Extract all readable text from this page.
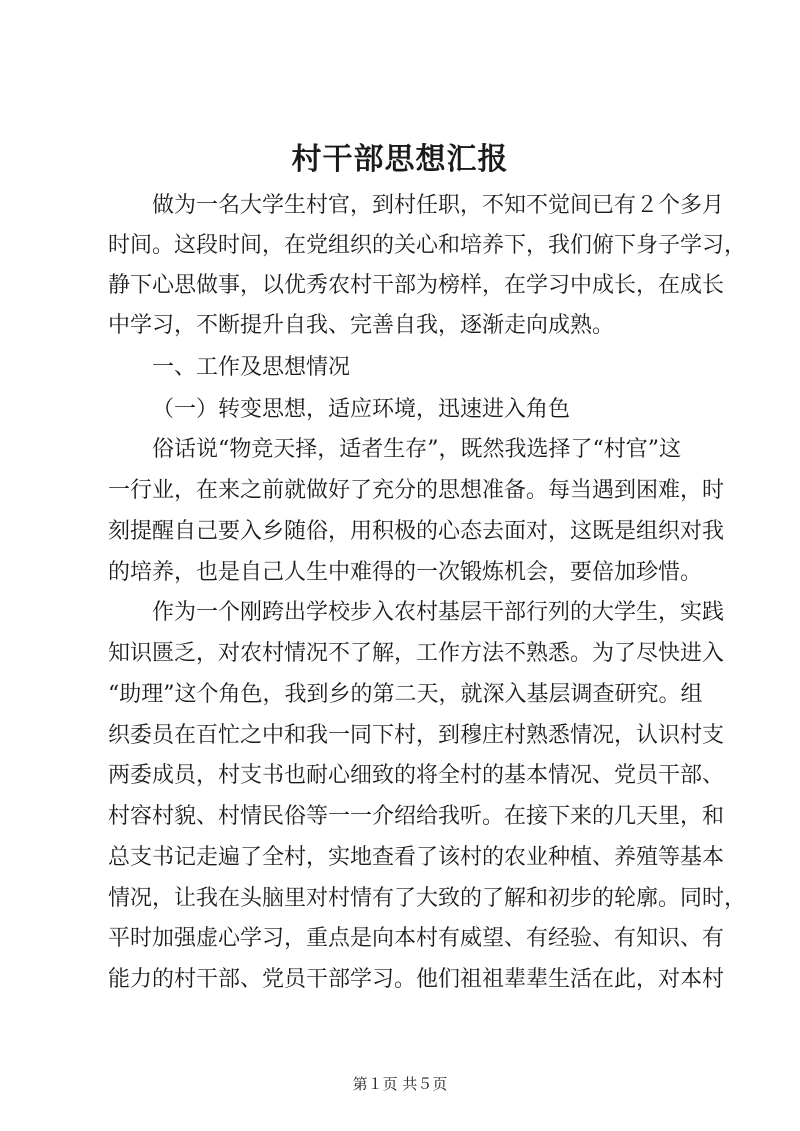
村干部思想汇报
做为一名大学生村官，到村任职，不知不觉间已有２个多月
时间。这段时间，在党组织的关心和培养下，我们俯下身子学习，
静下心思做事，以优秀农村干部为榜样，在学习中成长，在成长
中学习，不断提升自我、完善自我，逐渐走向成熟。
一、工作及思想情况
（一）转变思想，适应环境，迅速进入角色
俗话说“物竞天择，适者生存”，既然我选择了“村官”这
一行业，在来之前就做好了充分的思想准备。每当遇到困难，时
刻提醒自己要入乡随俗，用积极的心态去面对，这既是组织对我
的培养，也是自己人生中难得的一次锻炼机会，要倍加珍惜。
作为一个刚跨出学校步入农村基层干部行列的大学生，实践
知识匮乏，对农村情况不了解，工作方法不熟悉。为了尽快进入
“助理”这个角色，我到乡的第二天，就深入基层调查研究。组
织委员在百忙之中和我一同下村，到穆庄村熟悉情况，认识村支
两委成员，村支书也耐心细致的将全村的基本情况、党员干部、
村容村貌、村情民俗等一一介绍给我听。在接下来的几天里，和
总支书记走遍了全村，实地查看了该村的农业种植、养殖等基本
情况，让我在头脑里对村情有了大致的了解和初步的轮廓。同时，
平时加强虚心学习，重点是向本村有威望、有经验、有知识、有
能力的村干部、党员干部学习。他们祖祖辈辈生活在此，对本村
第１页 共５页
